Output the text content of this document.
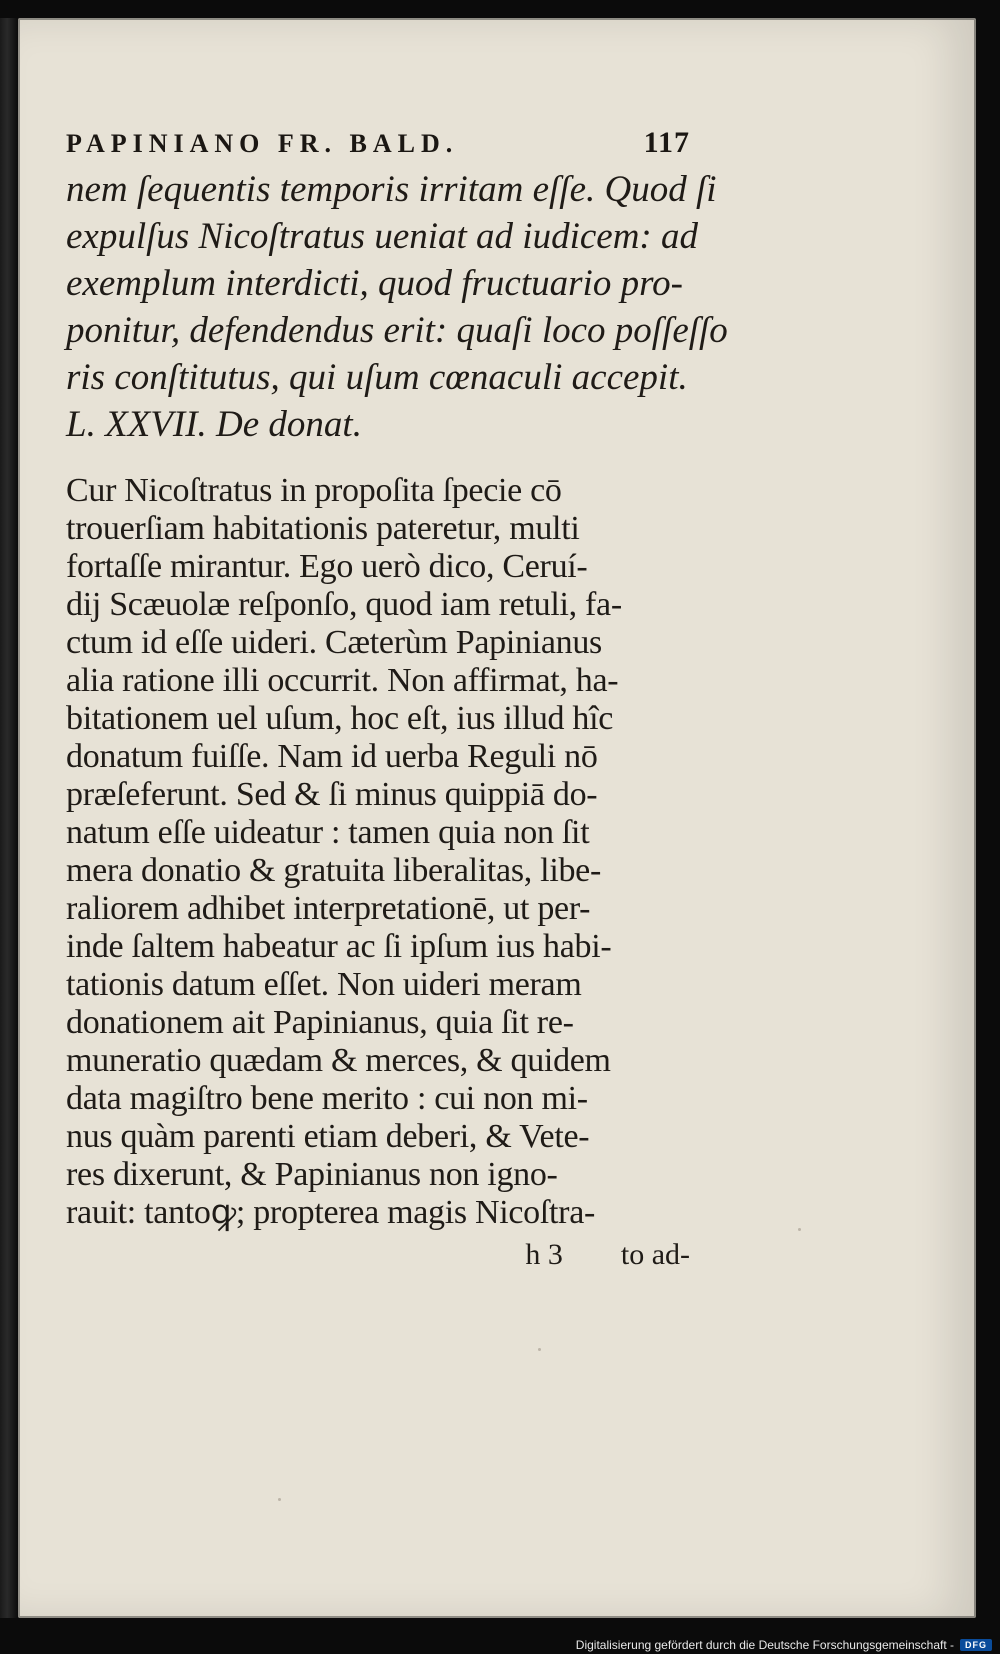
PAPINIANO FR. BALD.	117
nem ſequentis temporis irritam eſſe. Quod ſi
expulſus Nicoſtratus ueniat ad iudicem: ad
exemplum interdicti, quod fructuario pro-
ponitur, defendendus erit: quaſi loco poſſeſſo
ris conſtitutus, qui uſum cœnaculi accepit.
L. XXVII. De donat.
Cur Nicoſtratus in propoſita ſpecie cō
trouerſiam habitationis pateretur, multi
fortaſſe mirantur. Ego uerò dico, Ceruí-
dij Scæuolæ reſponſo, quod iam retuli, fa-
ctum id eſſe uideri. Cæterùm Papinianus
alia ratione illi occurrit. Non affirmat, ha-
bitationem uel uſum, hoc eſt, ius illud hîc
donatum fuiſſe. Nam id uerba Reguli nō
præſeferunt. Sed & ſi minus quippiā do-
natum eſſe uideatur : tamen quia non ſit
mera donatio & gratuita liberalitas, libe-
raliorem adhibet interpretationē, ut per-
inde ſaltem habeatur ac ſi ipſum ius habi-
tationis datum eſſet. Non uideri meram
donationem ait Papinianus, quia ſit re-
muneratio quædam & merces, & quidem
data magiſtro bene merito : cui non mi-
nus quàm parenti etiam deberi, & Vete-
res dixerunt, & Papinianus non igno-
rauit: tantoꝙ; propterea magis Nicoſtra-
h 3 to ad-
Digitalisierung gefördert durch die Deutsche Forschungsgemeinschaft -	DFG
